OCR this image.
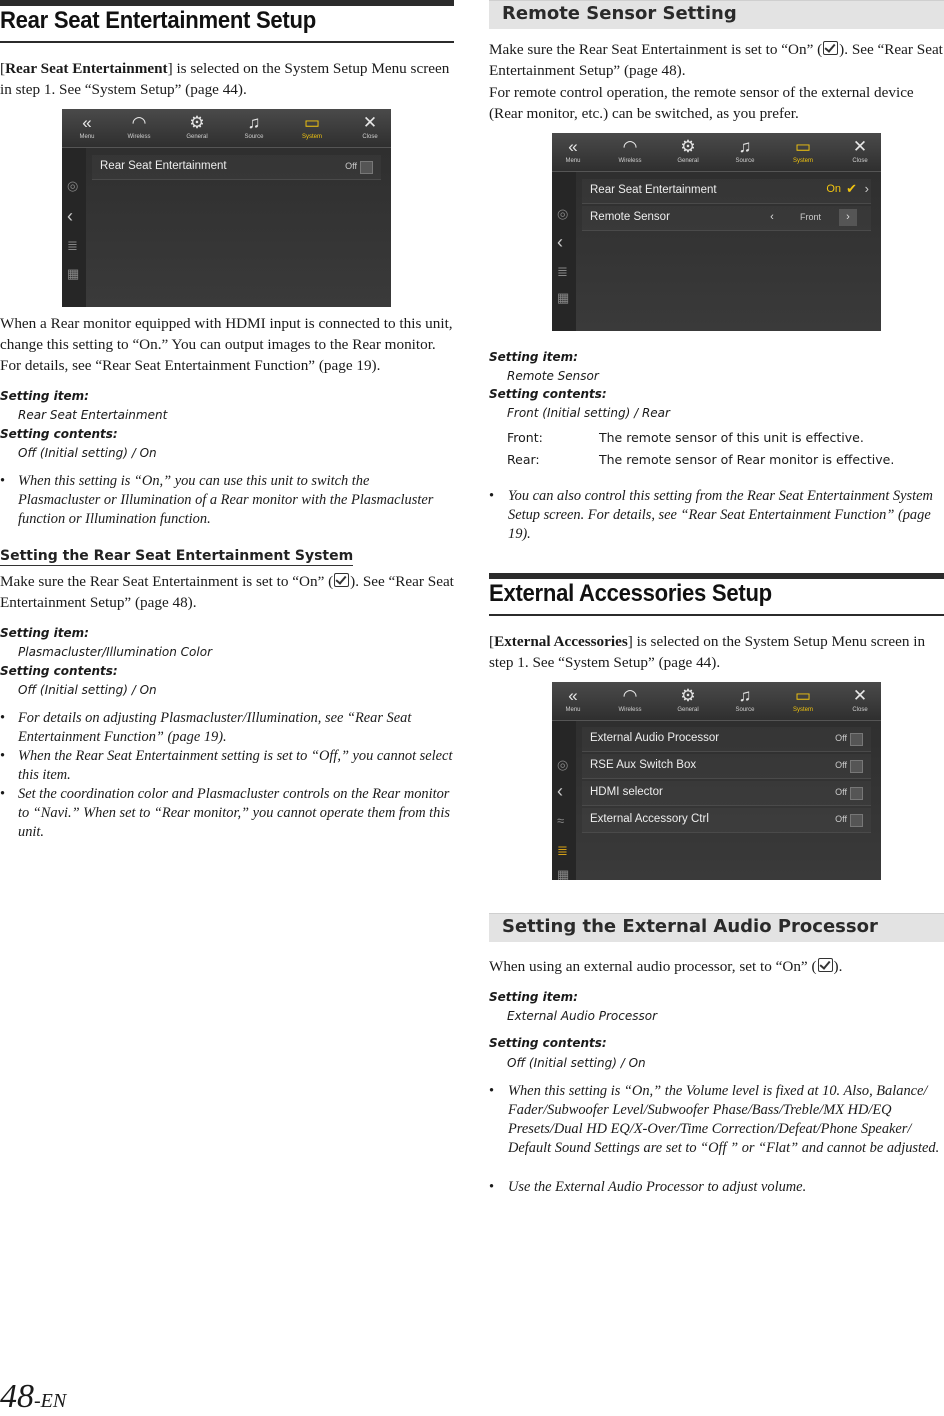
Rear Seat Entertainment Setup
[Rear Seat Entertainment] is selected on the System Setup Menu screen in step 1. See “System Setup” (page 44).
«
Menu
◠
Wireless
⚙
General
♫
Source
▭
System
✕
Close
◎
‹
≣
▦
Rear Seat Entertainment	Off
When a Rear monitor equipped with HDMI input is connected to this unit, change this setting to “On.” You can output images to the Rear monitor. For details, see “Rear Seat Entertainment Function” (page 19).
Setting item:
Rear Seat Entertainment
Setting contents:
Off (Initial setting) / On
• When this setting is “On,” you can use this unit to switch the Plasmacluster or Illumination of a Rear monitor with the Plasmacluster function or Illumination function.
Setting the Rear Seat Entertainment System
Make sure the Rear Seat Entertainment is set to “On” ( ). See “Rear Seat Entertainment Setup” (page 48).
Setting item:
Plasmacluster/Illumination Color
Setting contents:
Off (Initial setting) / On
• For details on adjusting Plasmacluster/Illumination, see “Rear Seat Entertainment Function” (page 19).
• When the Rear Seat Entertainment setting is set to “Off,” you cannot select this item.
• Set the coordination color and Plasmacluster controls on the Rear monitor to “Navi.” When set to “Rear monitor,” you cannot operate them from this unit.
Remote Sensor Setting
Make sure the Rear Seat Entertainment is set to “On” ( ). See “Rear Seat Entertainment Setup” (page 48).
For remote control operation, the remote sensor of the external device (Rear monitor, etc.) can be switched, as you prefer.
«
Menu
◠
Wireless
⚙
General
♫
Source
▭
System
✕
Close
◎
‹
≣
▦
Rear Seat Entertainment	On ✔ ›
Remote Sensor	‹	Front	›
Setting item:
Remote Sensor
Setting contents:
Front (Initial setting) / Rear
Front:	The remote sensor of this unit is effective.
Rear:	The remote sensor of Rear monitor is effective.
• You can also control this setting from the Rear Seat Entertainment System Setup screen. For details, see “Rear Seat Entertainment Function” (page 19).
External Accessories Setup
[External Accessories] is selected on the System Setup Menu screen in step 1. See “System Setup” (page 44).
«
Menu
◠
Wireless
⚙
General
♫
Source
▭
System
✕
Close
◎
‹
≈
≣
▦
External Audio Processor	Off
RSE Aux Switch Box	Off
HDMI selector	Off
External Accessory Ctrl	Off
Setting the External Audio Processor
When using an external audio processor, set to “On” ( ).
Setting item:
External Audio Processor
Setting contents:
Off (Initial setting) / On
• When this setting is “On,” the Volume level is fixed at 10. Also, Balance/ Fader/Subwoofer Level/Subwoofer Phase/Bass/Treble/MX HD/EQ Presets/Dual HD EQ/X-Over/Time Correction/Defeat/Phone Speaker/ Default Sound Settings are set to “Off ” or “Flat” and cannot be adjusted.
• Use the External Audio Processor to adjust volume.
48-EN
